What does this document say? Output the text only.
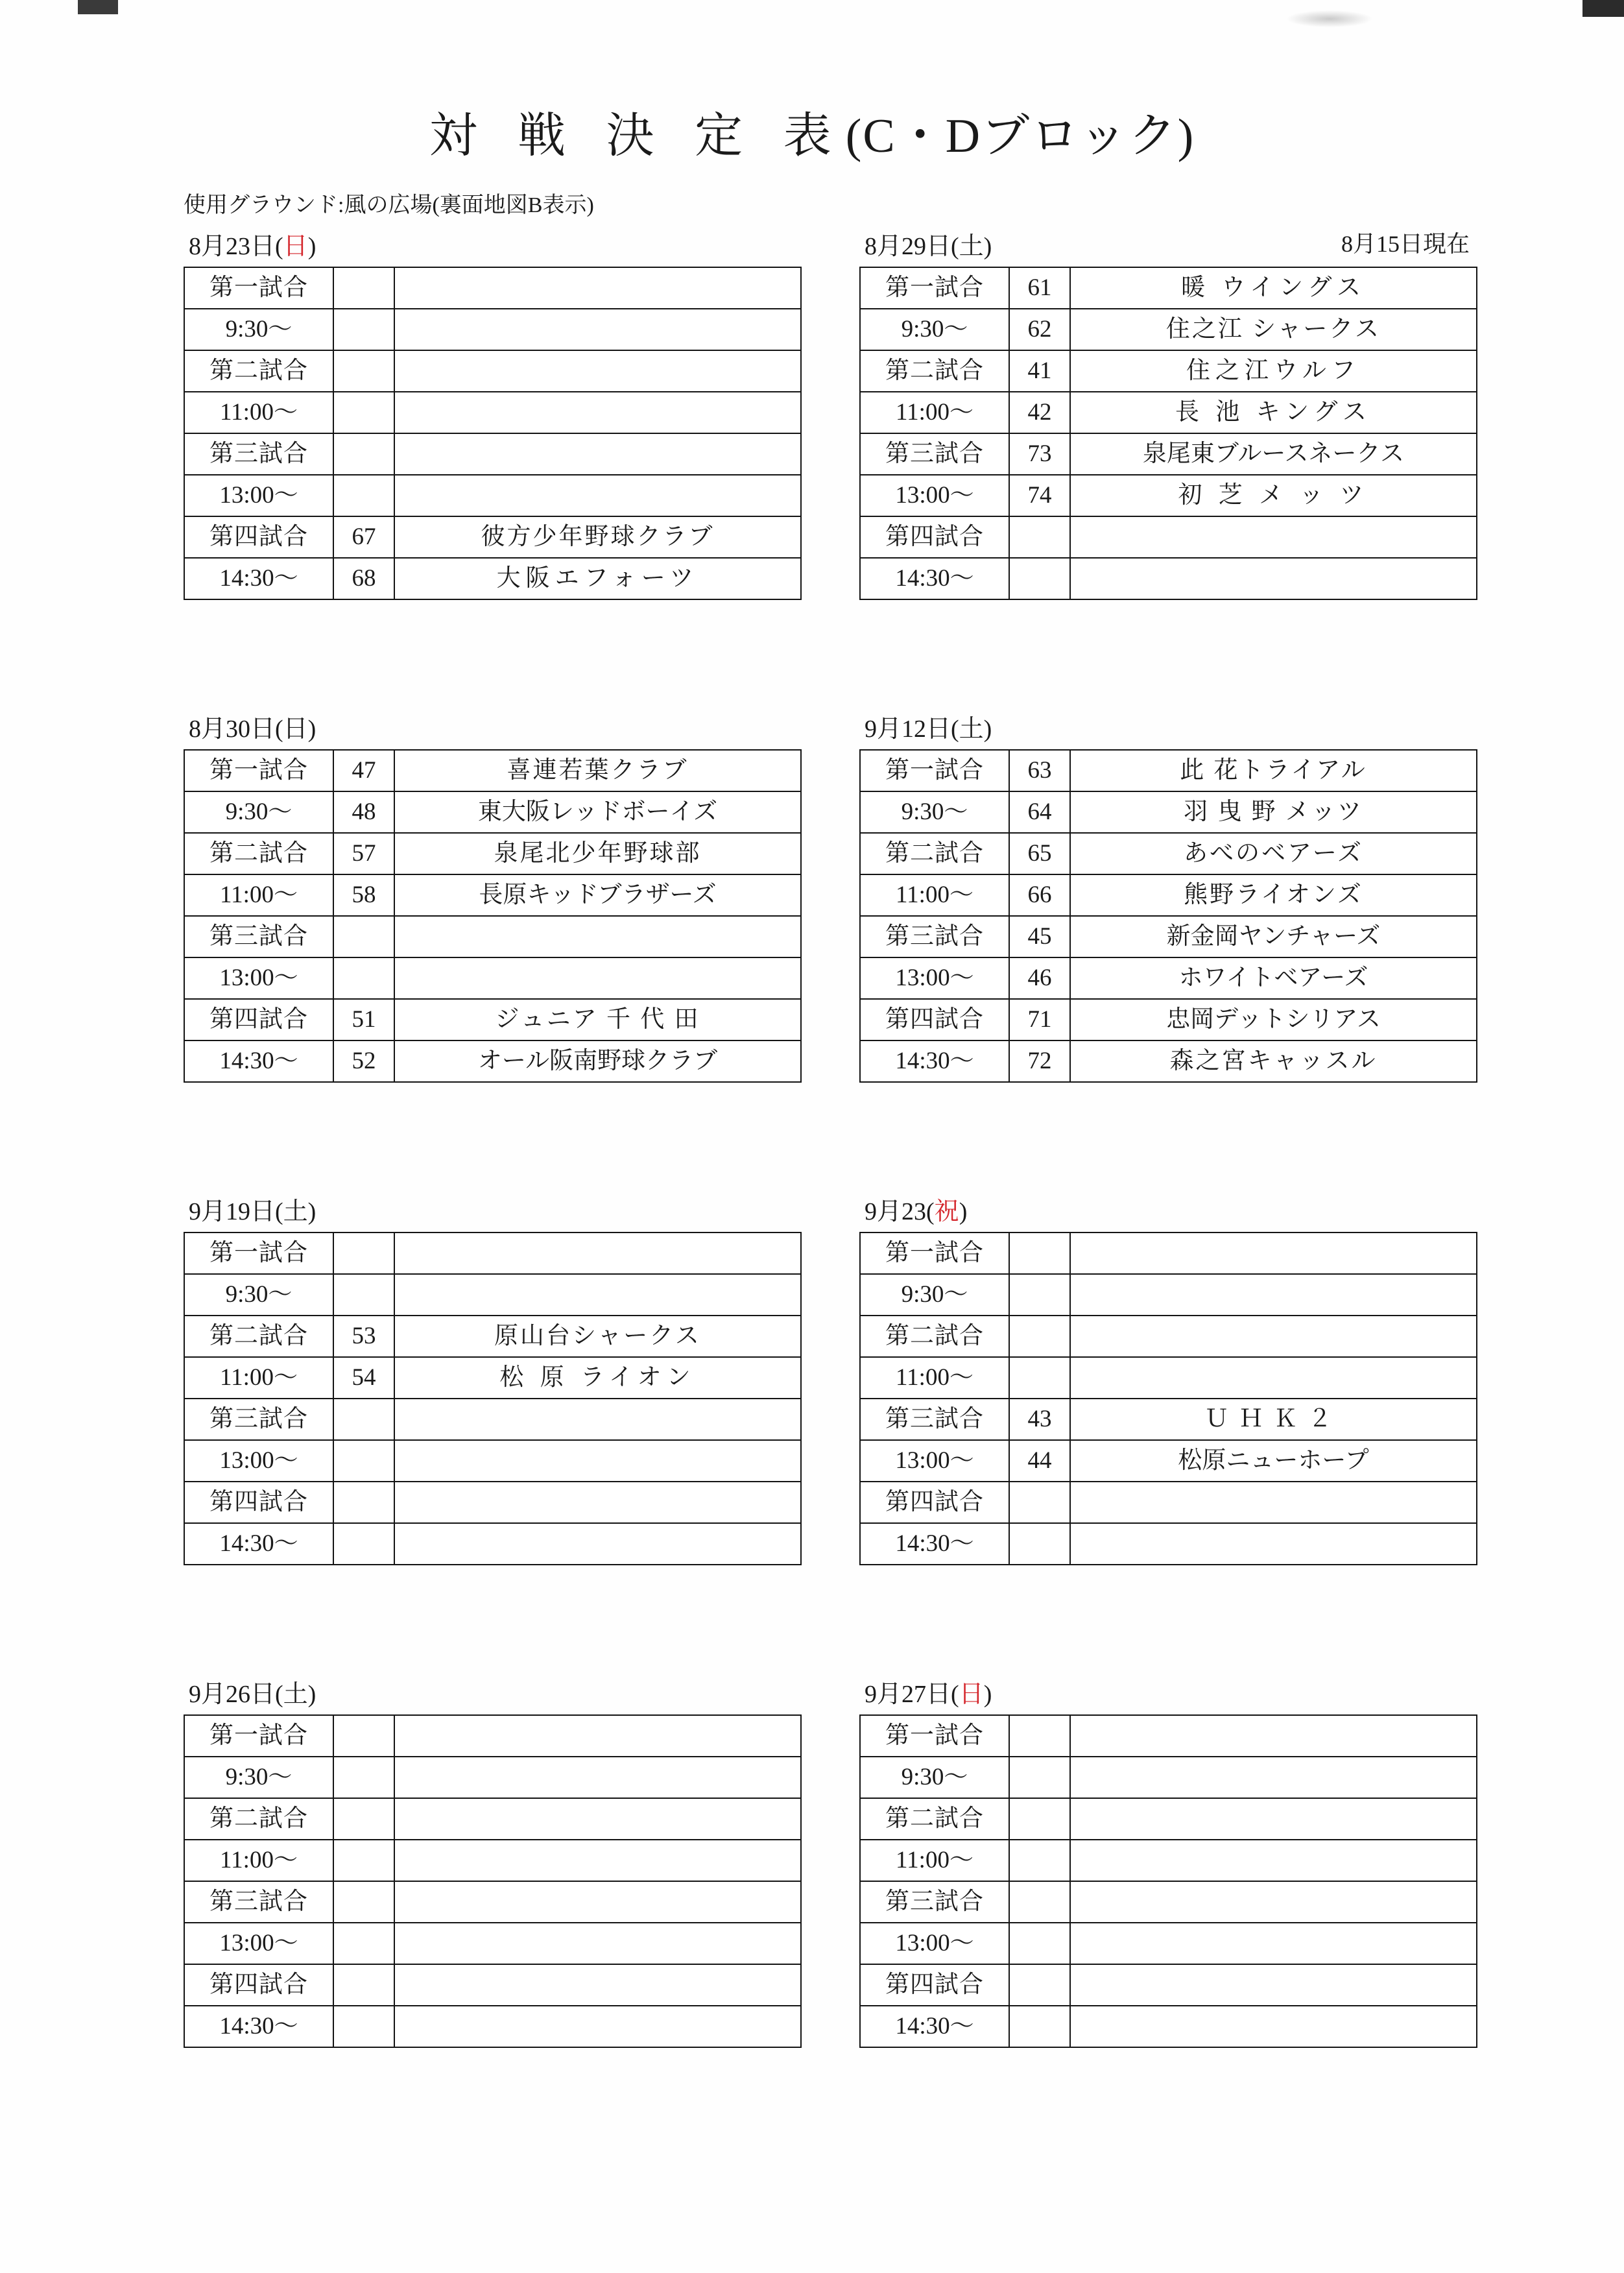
対 戦 決 定 表(C・Dブロック)
使用グラウンド:風の広場(裏面地図B表示)
8月15日現在
8月23日(日)
第一試合		
9:30〜		
第二試合		
11:00〜		
第三試合		
13:00〜		
第四試合	67	彼方少年野球クラブ
14:30〜	68	大阪エフォーツ
8月29日(土)
第一試合	61	暖 ウイングス
9:30〜	62	住之江 シャークス
第二試合	41	住之江ウルフ
11:00〜	42	長 池 キングス
第三試合	73	泉尾東ブルースネークス
13:00〜	74	初 芝 メ ッ ツ
第四試合		
14:30〜		
8月30日(日)
第一試合	47	喜連若葉クラブ
9:30〜	48	東大阪レッドボーイズ
第二試合	57	泉尾北少年野球部
11:00〜	58	長原キッドブラザーズ
第三試合		
13:00〜		
第四試合	51	ジュニア 千 代 田
14:30〜	52	オール阪南野球クラブ
9月12日(土)
第一試合	63	此 花トライアル
9:30〜	64	羽 曳 野 メッツ
第二試合	65	あべのベアーズ
11:00〜	66	熊野ライオンズ
第三試合	45	新金岡ヤンチャーズ
13:00〜	46	ホワイトベアーズ
第四試合	71	忠岡デットシリアス
14:30〜	72	森之宮キャッスル
9月19日(土)
第一試合		
9:30〜		
第二試合	53	原山台シャークス
11:00〜	54	松 原 ライオン
第三試合		
13:00〜		
第四試合		
14:30〜		
9月23(祝)
第一試合		
9:30〜		
第二試合		
11:00〜		
第三試合	43	ＵＨＫ２
13:00〜	44	松原ニューホープ
第四試合		
14:30〜		
9月26日(土)
第一試合		
9:30〜		
第二試合		
11:00〜		
第三試合		
13:00〜		
第四試合		
14:30〜		
9月27日(日)
第一試合		
9:30〜		
第二試合		
11:00〜		
第三試合		
13:00〜		
第四試合		
14:30〜		
